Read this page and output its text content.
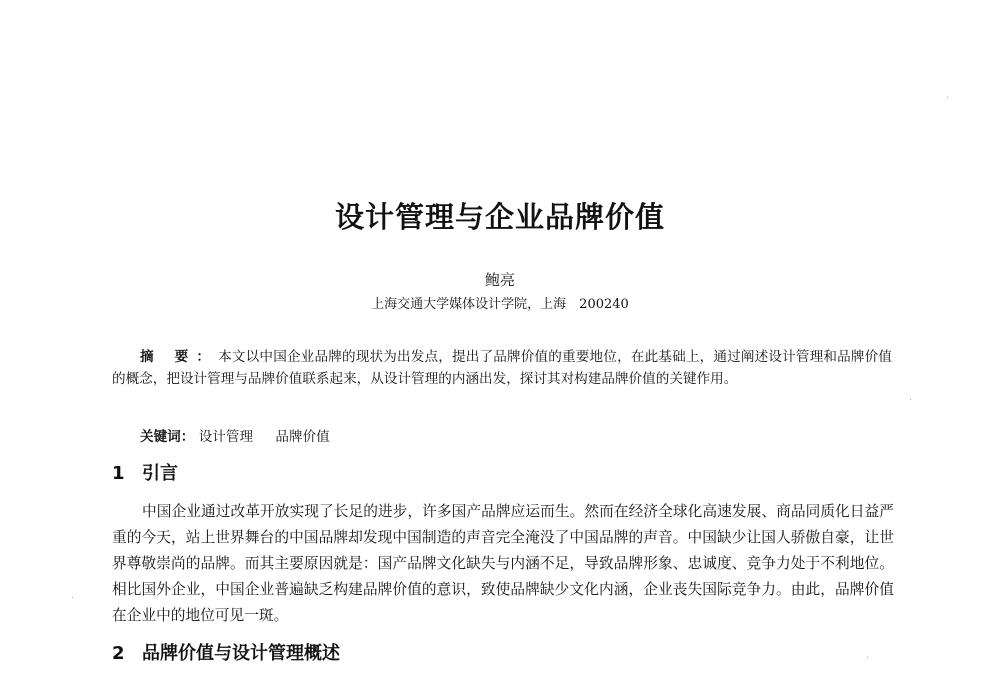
设计管理与企业品牌价值
鲍亮
上海交通大学媒体设计学院，上海　200240
摘 要：本文以中国企业品牌的现状为出发点，提出了品牌价值的重要地位，在此基础上，通过阐述设计管理和品牌价值的概念，把设计管理与品牌价值联系起来，从设计管理的内涵出发，探讨其对构建品牌价值的关键作用。
关键词： 设计管理 品牌价值
1 引言
中国企业通过改革开放实现了长足的进步，许多国产品牌应运而生。然而在经济全球化高速发展、商品同质化日益严重的今天，站上世界舞台的中国品牌却发现中国制造的声音完全淹没了中国品牌的声音。中国缺少让国人骄傲自豪，让世界尊敬崇尚的品牌。而其主要原因就是：国产品牌文化缺失与内涵不足，导致品牌形象、忠诚度、竞争力处于不利地位。相比国外企业，中国企业普遍缺乏构建品牌价值的意识，致使品牌缺少文化内涵，企业丧失国际竞争力。由此，品牌价值在企业中的地位可见一斑。
2 品牌价值与设计管理概述
